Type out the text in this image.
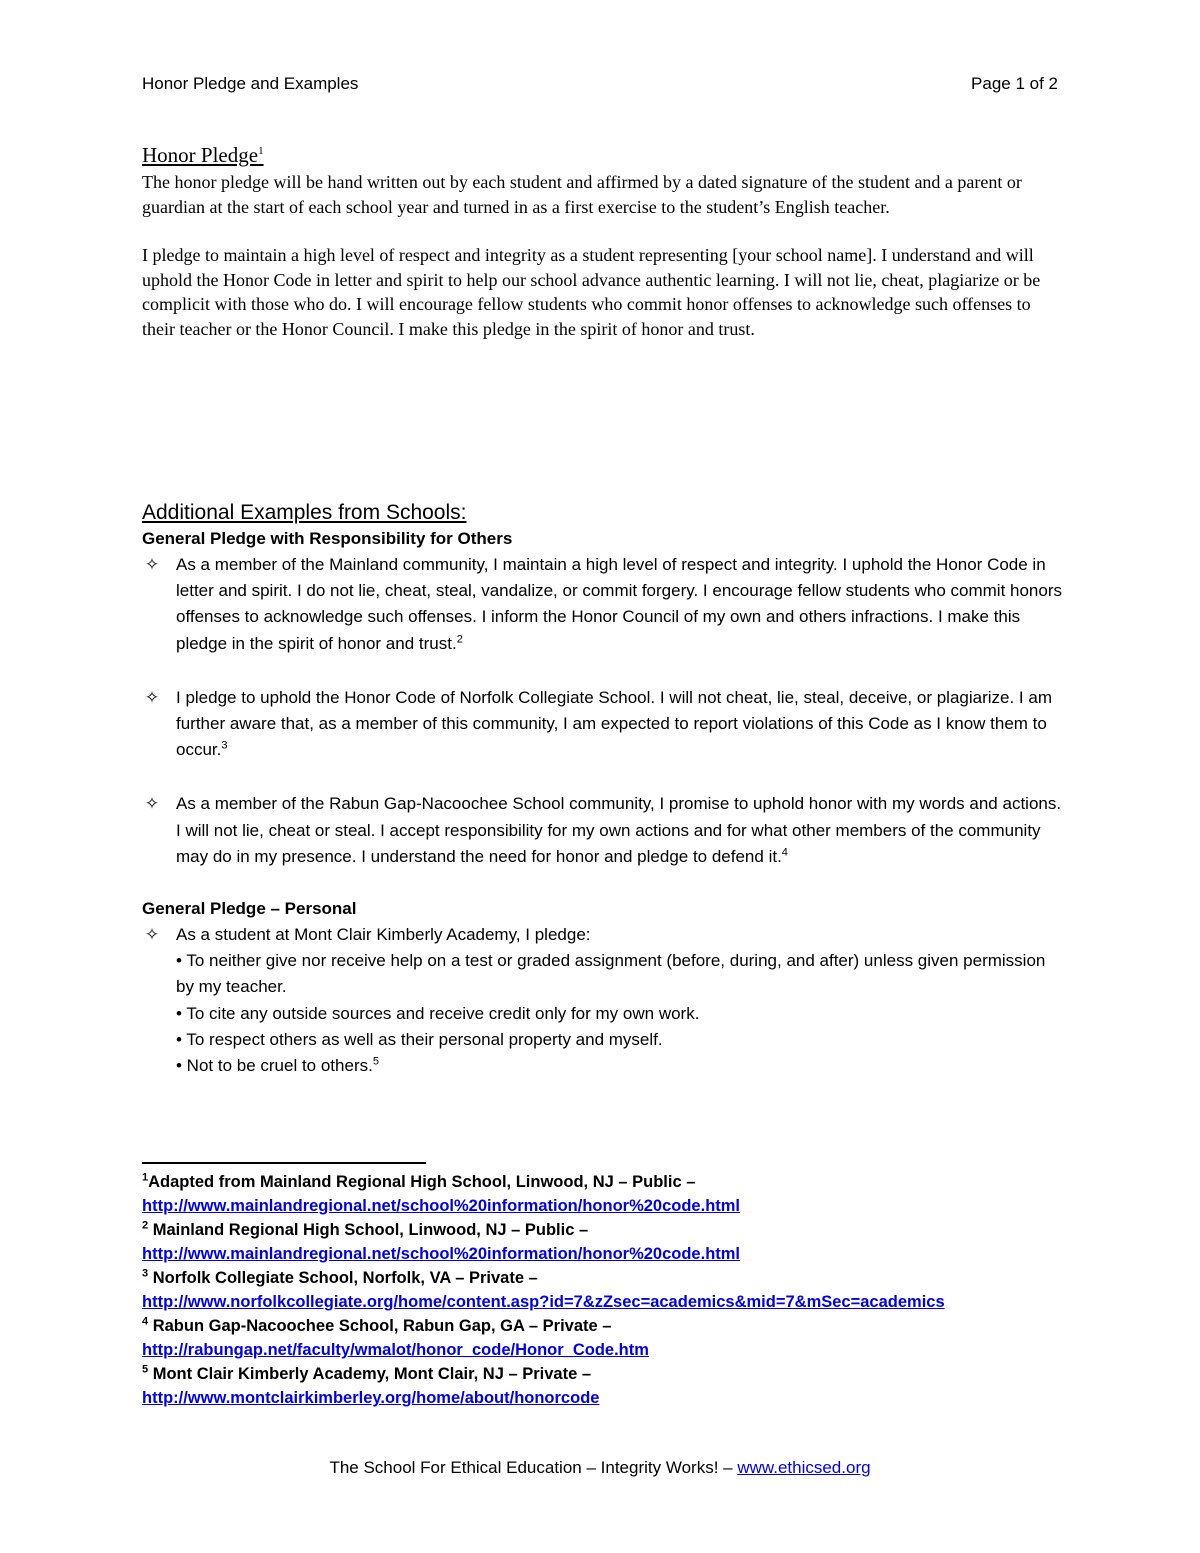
Honor Pledge and Examples	Page 1 of 2
Honor Pledge$^1$

The honor pledge will be hand written out by each student and affirmed by a dated signature of the student and a parent or guardian at the start of each school year and turned in as a first exercise to the student’s English teacher.

I pledge to maintain a high level of respect and integrity as a student representing [your school name]. I understand and will uphold the Honor Code in letter and spirit to help our school advance authentic learning. I will not lie, cheat, plagiarize or be complicit with those who do. I will encourage fellow students who commit honor offenses to acknowledge such offenses to their teacher or the Honor Council. I make this pledge in the spirit of honor and trust.

Additional Examples from Schools:

General Pledge with Responsibility for Others

✧ As a member of the Mainland community, I maintain a high level of respect and integrity. I uphold the Honor Code in letter and spirit. I do not lie, cheat, steal, vandalize, or commit forgery. I encourage fellow students who commit honors offenses to acknowledge such offenses. I inform the Honor Council of my own and others infractions. I make this pledge in the spirit of honor and trust.$^2$
✧ I pledge to uphold the Honor Code of Norfolk Collegiate School. I will not cheat, lie, steal, deceive, or plagiarize. I am further aware that, as a member of this community, I am expected to report violations of this Code as I know them to occur.$^3$
✧ As a member of the Rabun Gap-Nacoochee School community, I promise to uphold honor with my words and actions. I will not lie, cheat or steal. I accept responsibility for my own actions and for what other members of the community may do in my presence. I understand the need for honor and pledge to defend it.$^4$

General Pledge – Personal

✧ As a student at Mont Clair Kimberly Academy, I pledge:
• To neither give nor receive help on a test or graded assignment (before, during, and after) unless given permission by my teacher.
• To cite any outside sources and receive credit only for my own work.
• To respect others as well as their personal property and myself.
• Not to be cruel to others.$^5$

$^1$Adapted from Mainland Regional High School, Linwood, NJ – Public –

http://www.mainlandregional.net/school%20information/honor%20code.html

$^2$ Mainland Regional High School, Linwood, NJ – Public –

http://www.mainlandregional.net/school%20information/honor%20code.html

$^3$ Norfolk Collegiate School, Norfolk, VA – Private –

http://www.norfolkcollegiate.org/home/content.asp?id=7&zZsec=academics&mid=7&mSec=academics

$^4$ Rabun Gap-Nacoochee School, Rabun Gap, GA – Private –

http://rabungap.net/faculty/wmalot/honor_code/Honor_Code.htm

$^5$ Mont Clair Kimberly Academy, Mont Clair, NJ – Private –

http://www.montclairkimberley.org/home/about/honorcode

The School For Ethical Education – Integrity Works! – www.ethicsed.org
